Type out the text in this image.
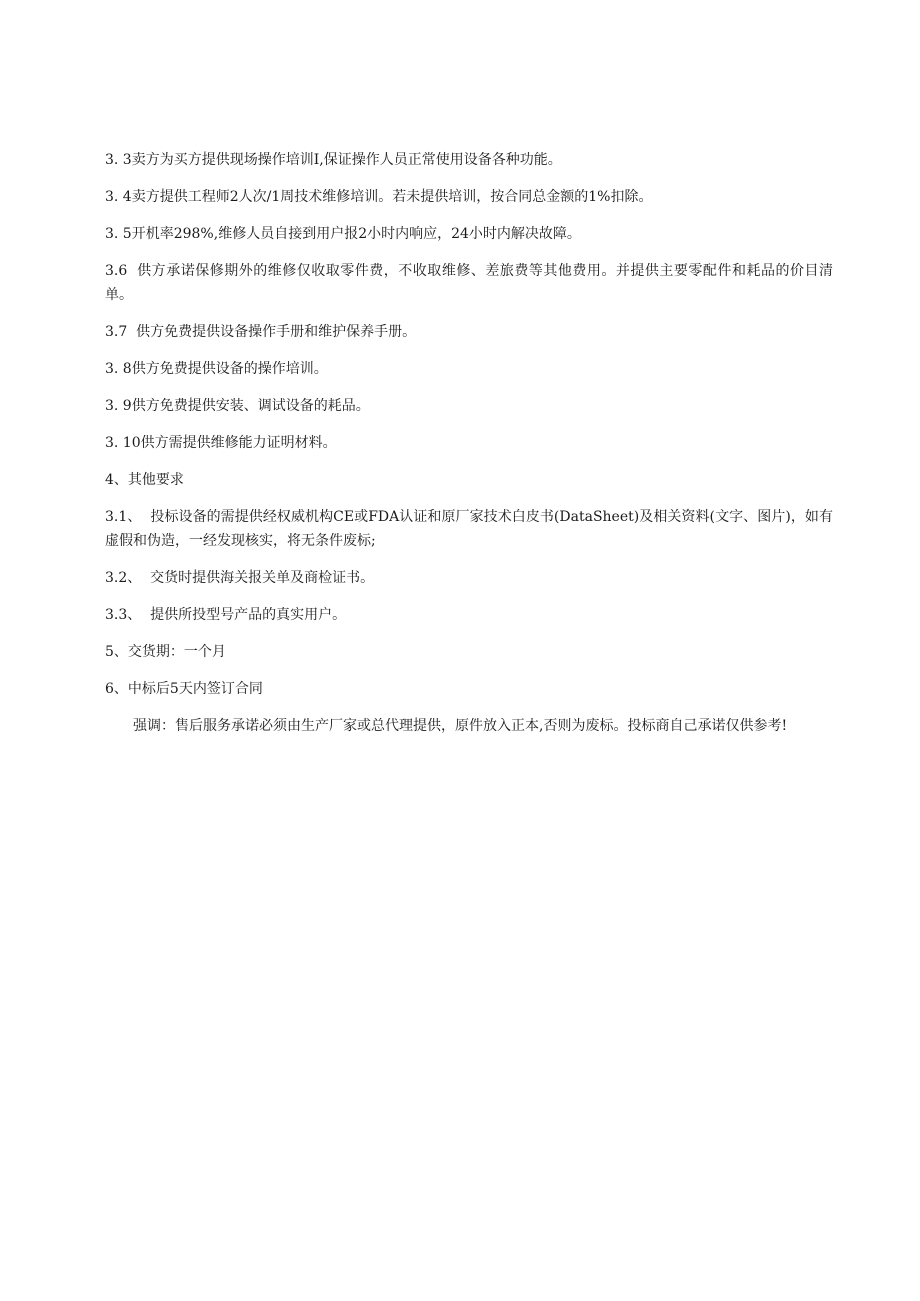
3. 3卖方为买方提供现场操作培训I,保证操作人员正常使用设备各种功能。

3. 4卖方提供工程师2人次/1周技术维修培训。若未提供培训，按合同总金额的1%扣除。

3. 5开机率298%,维修人员自接到用户报2小时内响应，24小时内解决故障。

3.6  供方承诺保修期外的维修仅收取零件费，不收取维修、差旅费等其他费用。并提供主要零配件和耗品的价目清单。

3.7  供方免费提供设备操作手册和维护保养手册。

3. 8供方免费提供设备的操作培训。

3. 9供方免费提供安装、调试设备的耗品。

3. 10供方需提供维修能力证明材料。

4、其他要求

3.1、  投标设备的需提供经权威机构CE或FDA认证和原厂家技术白皮书(DataSheet)及相关资料(文字、图片)，如有虚假和伪造，一经发现核实，将无条件废标;

3.2、  交货时提供海关报关单及商检证书。

3.3、  提供所投型号产品的真实用户。

5、交货期：一个月

6、中标后5天内签订合同

强调：售后服务承诺必须由生产厂家或总代理提供，原件放入正本,否则为废标。投标商自己承诺仅供参考!
